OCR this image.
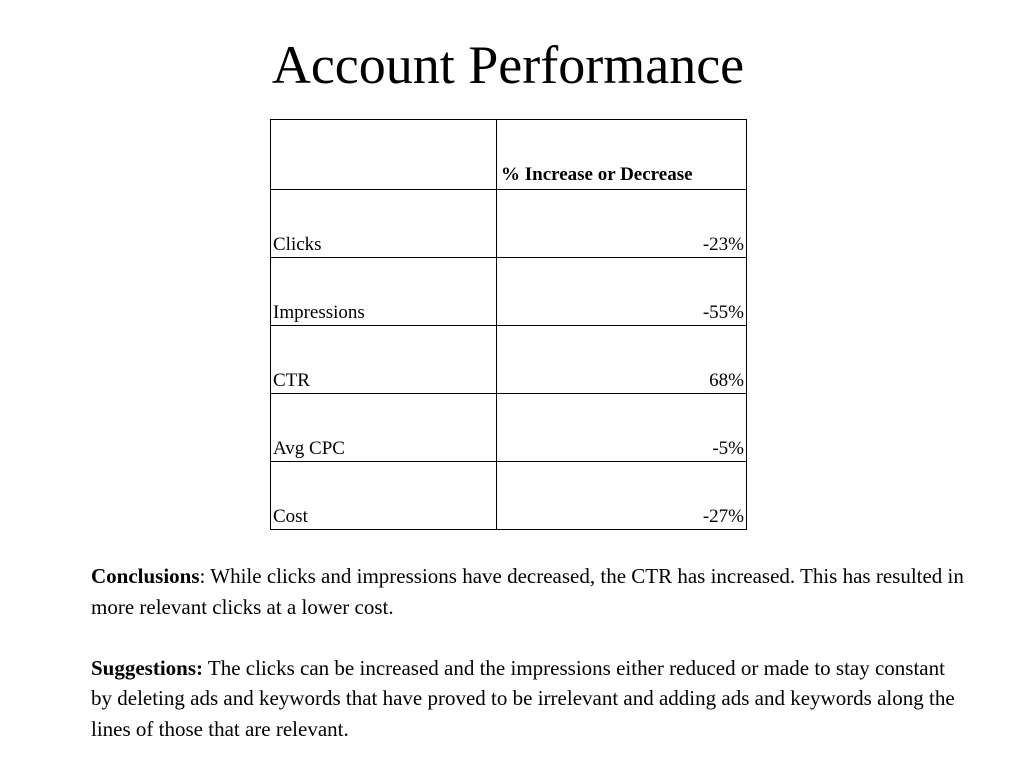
Account Performance
	% Increase or Decrease
Clicks	-23%
Impressions	-55%
CTR	68%
Avg CPC	-5%
Cost	-27%

Conclusions: While clicks and impressions have decreased, the CTR has increased. This has resulted in more relevant clicks at a lower cost.

Suggestions: The clicks can be increased and the impressions either reduced or made to stay constant by deleting ads and keywords that have proved to be irrelevant and adding ads and keywords along the lines of those that are relevant.
